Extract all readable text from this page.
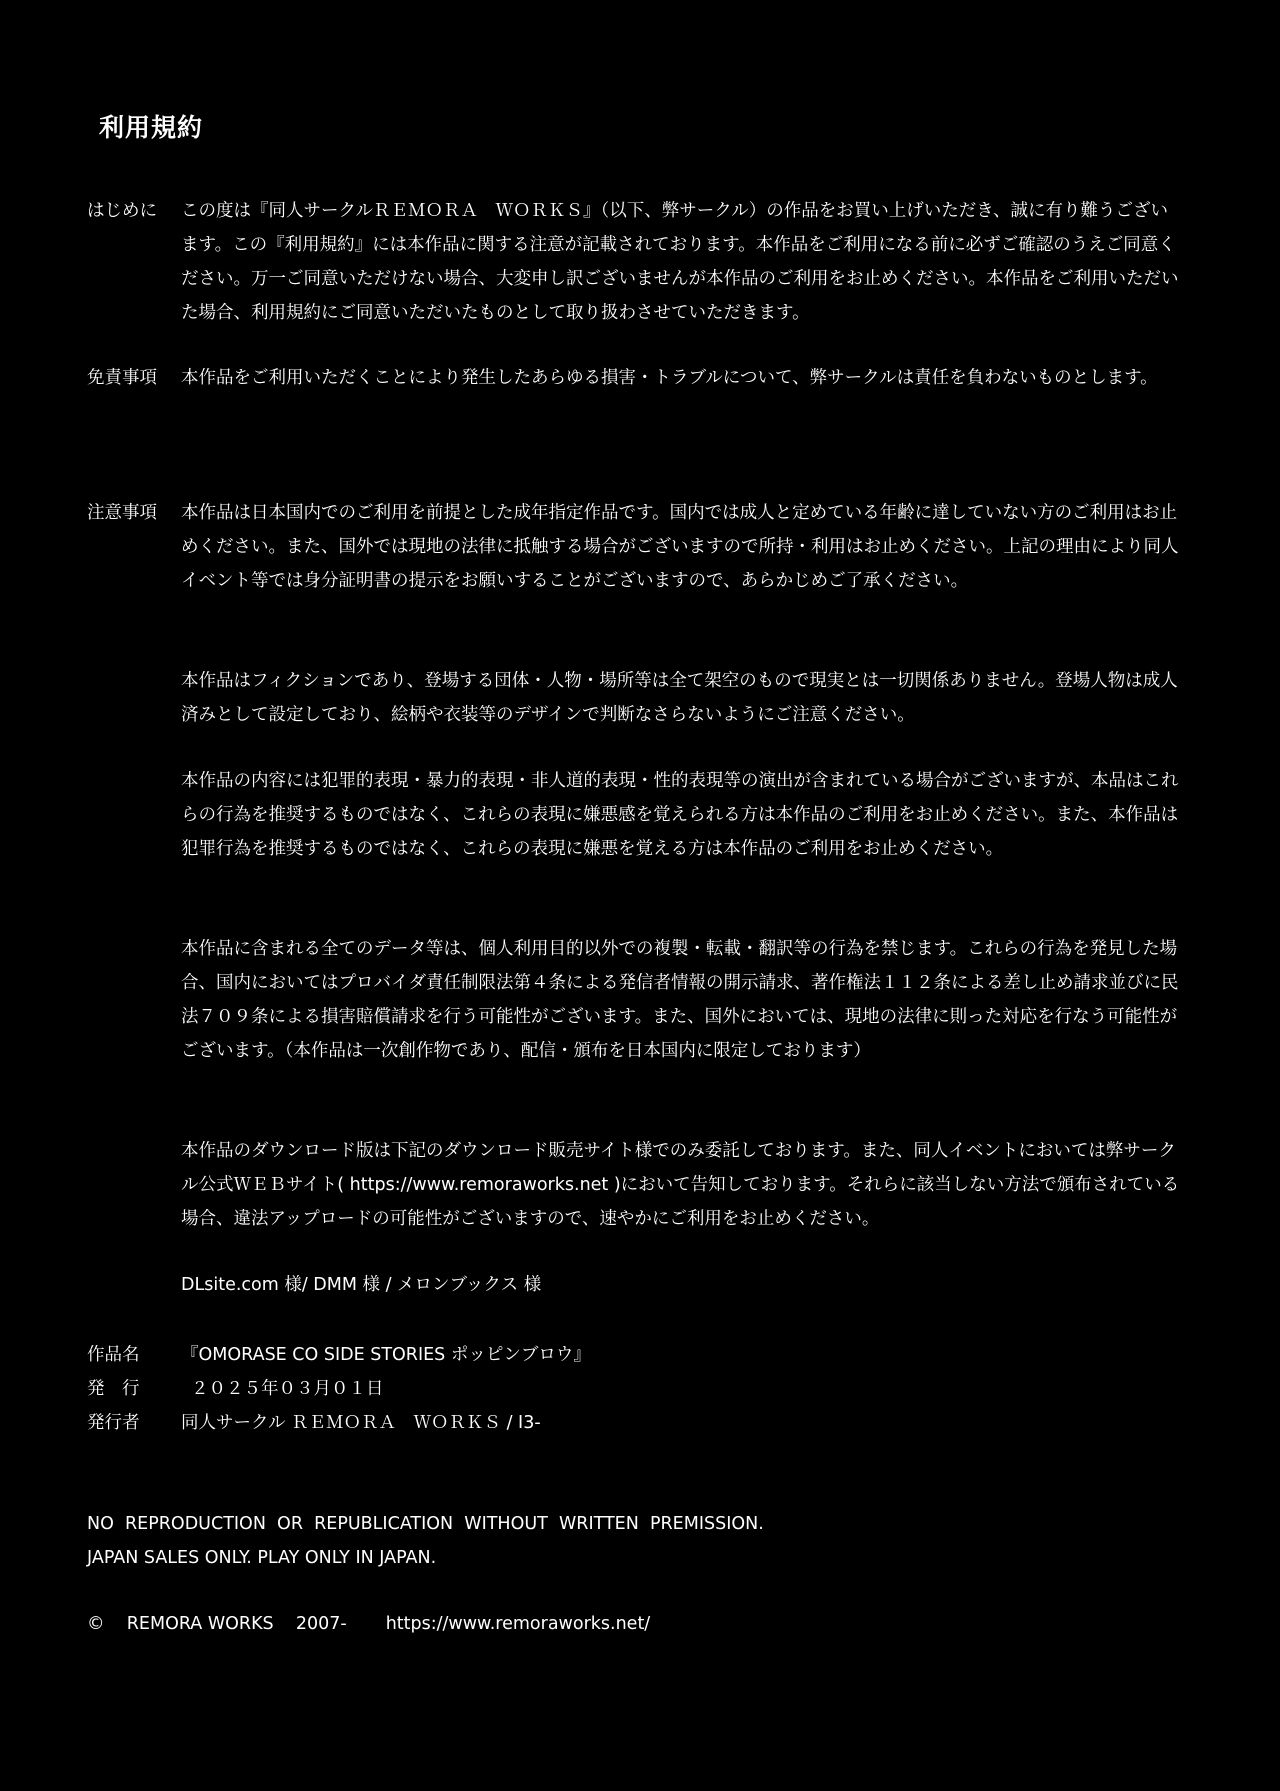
利用規約
はじめに この度は『同人サークルＲＥＭＯＲＡ　ＷＯＲＫＳ』（以下、弊サークル）の作品をお買い上げいただき、誠に有り難うございます。この『利用規約』には本作品に関する注意が記載されております。本作品をご利用になる前に必ずご確認のうえご同意ください。万一ご同意いただけない場合、大変申し訳ございませんが本作品のご利用をお止めください。本作品をご利用いただいた場合、利用規約にご同意いただいたものとして取り扱わさせていただきます。
免責事項 本作品をご利用いただくことにより発生したあらゆる損害・トラブルについて、弊サークルは責任を負わないものとします。
注意事項 本作品は日本国内でのご利用を前提とした成年指定作品です。国内では成人と定めている年齢に達していない方のご利用はお止めください。また、国外では現地の法律に抵触する場合がございますので所持・利用はお止めください。上記の理由により同人イベント等では身分証明書の提示をお願いすることがございますので、あらかじめご了承ください。
本作品はフィクションであり、登場する団体・人物・場所等は全て架空のもので現実とは一切関係ありません。登場人物は成人済みとして設定しており、絵柄や衣装等のデザインで判断なさらないようにご注意ください。
本作品の内容には犯罪的表現・暴力的表現・非人道的表現・性的表現等の演出が含まれている場合がございますが、本品はこれらの行為を推奨するものではなく、これらの表現に嫌悪感を覚えられる方は本作品のご利用をお止めください。また、本作品は犯罪行為を推奨するものではなく、これらの表現に嫌悪を覚える方は本作品のご利用をお止めください。
本作品に含まれる全てのデータ等は、個人利用目的以外での複製・転載・翻訳等の行為を禁じます。これらの行為を発見した場合、国内においてはプロバイダ責任制限法第４条による発信者情報の開示請求、著作権法１１２条による差し止め請求並びに民法７０９条による損害賠償請求を行う可能性がございます。また、国外においては、現地の法律に則った対応を行なう可能性がございます。（本作品は一次創作物であり、配信・頒布を日本国内に限定しております）
本作品のダウンロード版は下記のダウンロード販売サイト様でのみ委託しております。また、同人イベントにおいては弊サークル公式ＷＥＢサイト( https://www.remoraworks.net )において告知しております。それらに該当しない方法で頒布されている場合、違法アップロードの可能性がございますので、速やかにご利用をお止めください。
DLsite.com 様/ DMM 様 / メロンブックス 様
作品名 『OMORASE CO SIDE STORIES ポッピンブロウ』
発　行	２０２５年０３月０１日
発行者 同人サークル ＲＥＭＯＲＡ　ＷＯＲＫＳ / I3-
NO  REPRODUCTION  OR  REPUBLICATION  WITHOUT  WRITTEN  PREMISSION.
JAPAN SALES ONLY. PLAY ONLY IN JAPAN.
©    REMORA WORKS    2007-       https://www.remoraworks.net/
